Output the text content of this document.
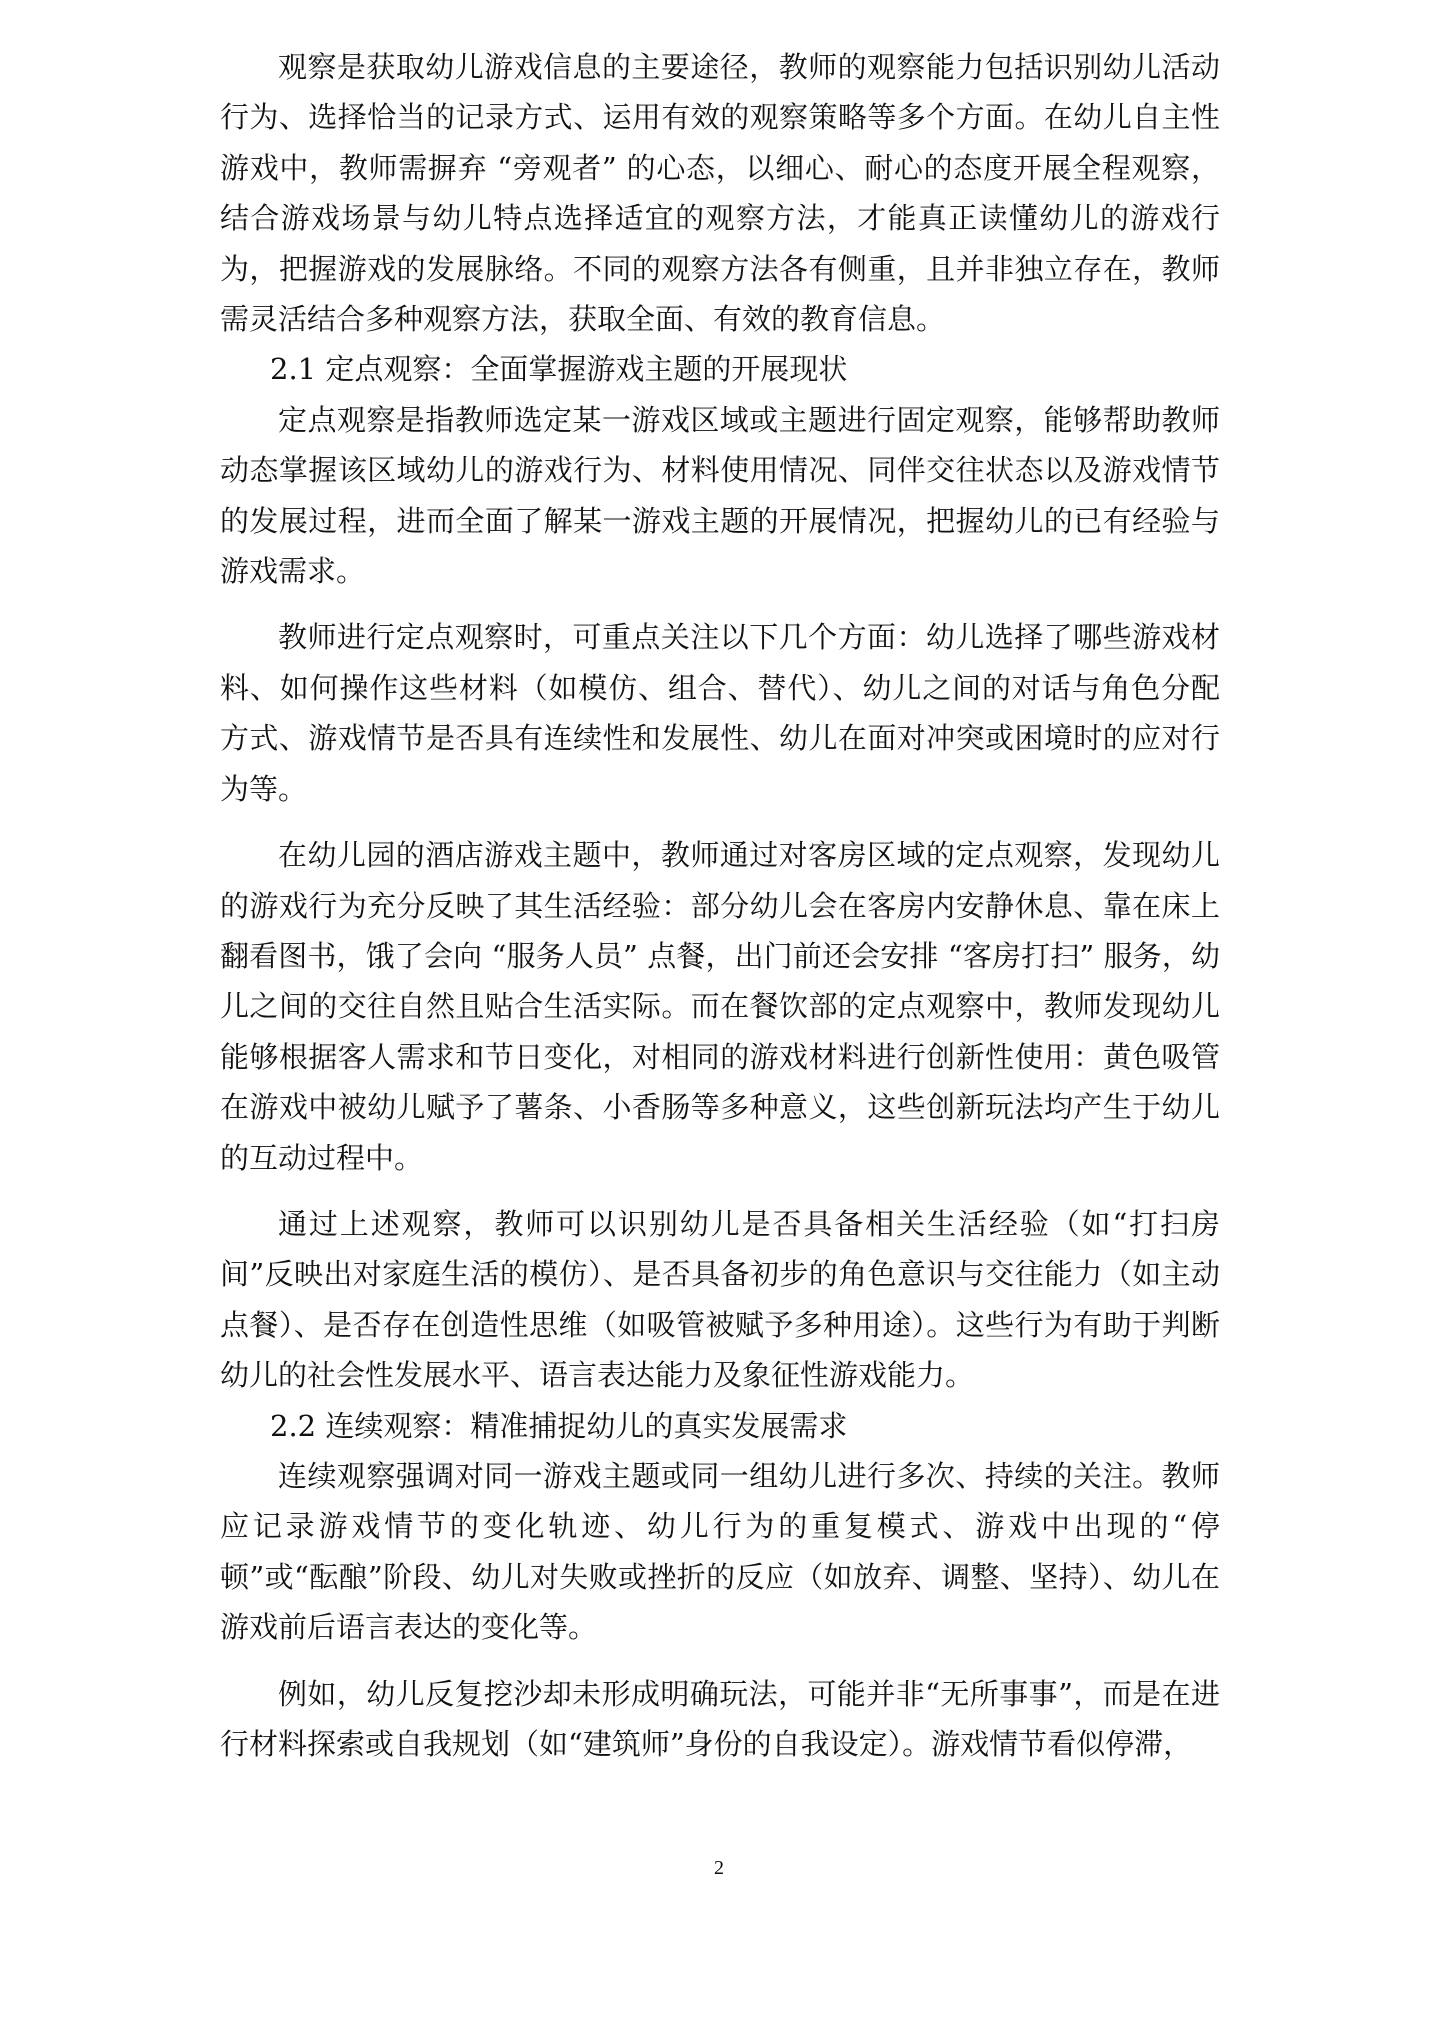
观察是获取幼儿游戏信息的主要途径，教师的观察能力包括识别幼儿活动行为、选择恰当的记录方式、运用有效的观察策略等多个方面。在幼儿自主性游戏中，教师需摒弃 “旁观者” 的心态，以细心、耐心的态度开展全程观察，结合游戏场景与幼儿特点选择适宜的观察方法，才能真正读懂幼儿的游戏行为，把握游戏的发展脉络。不同的观察方法各有侧重，且并非独立存在，教师需灵活结合多种观察方法，获取全面、有效的教育信息。

2.1 定点观察：全面掌握游戏主题的开展现状

定点观察是指教师选定某一游戏区域或主题进行固定观察，能够帮助教师动态掌握该区域幼儿的游戏行为、材料使用情况、同伴交往状态以及游戏情节的发展过程，进而全面了解某一游戏主题的开展情况，把握幼儿的已有经验与游戏需求。

教师进行定点观察时，可重点关注以下几个方面：幼儿选择了哪些游戏材料、如何操作这些材料（如模仿、组合、替代）、幼儿之间的对话与角色分配方式、游戏情节是否具有连续性和发展性、幼儿在面对冲突或困境时的应对行为等。

在幼儿园的酒店游戏主题中，教师通过对客房区域的定点观察，发现幼儿的游戏行为充分反映了其生活经验：部分幼儿会在客房内安静休息、靠在床上翻看图书，饿了会向 “服务人员” 点餐，出门前还会安排 “客房打扫” 服务，幼儿之间的交往自然且贴合生活实际。而在餐饮部的定点观察中，教师发现幼儿能够根据客人需求和节日变化，对相同的游戏材料进行创新性使用：黄色吸管在游戏中被幼儿赋予了薯条、小香肠等多种意义，这些创新玩法均产生于幼儿的互动过程中。

通过上述观察，教师可以识别幼儿是否具备相关生活经验（如“打扫房间”反映出对家庭生活的模仿）、是否具备初步的角色意识与交往能力（如主动点餐）、是否存在创造性思维（如吸管被赋予多种用途）。这些行为有助于判断幼儿的社会性发展水平、语言表达能力及象征性游戏能力。

2.2 连续观察：精准捕捉幼儿的真实发展需求

连续观察强调对同一游戏主题或同一组幼儿进行多次、持续的关注。教师应记录游戏情节的变化轨迹、幼儿行为的重复模式、游戏中出现的“停顿”或“酝酿”阶段、幼儿对失败或挫折的反应（如放弃、调整、坚持）、幼儿在游戏前后语言表达的变化等。

例如，幼儿反复挖沙却未形成明确玩法，可能并非“无所事事”，而是在进行材料探索或自我规划（如“建筑师”身份的自我设定）。游戏情节看似停滞，

2
